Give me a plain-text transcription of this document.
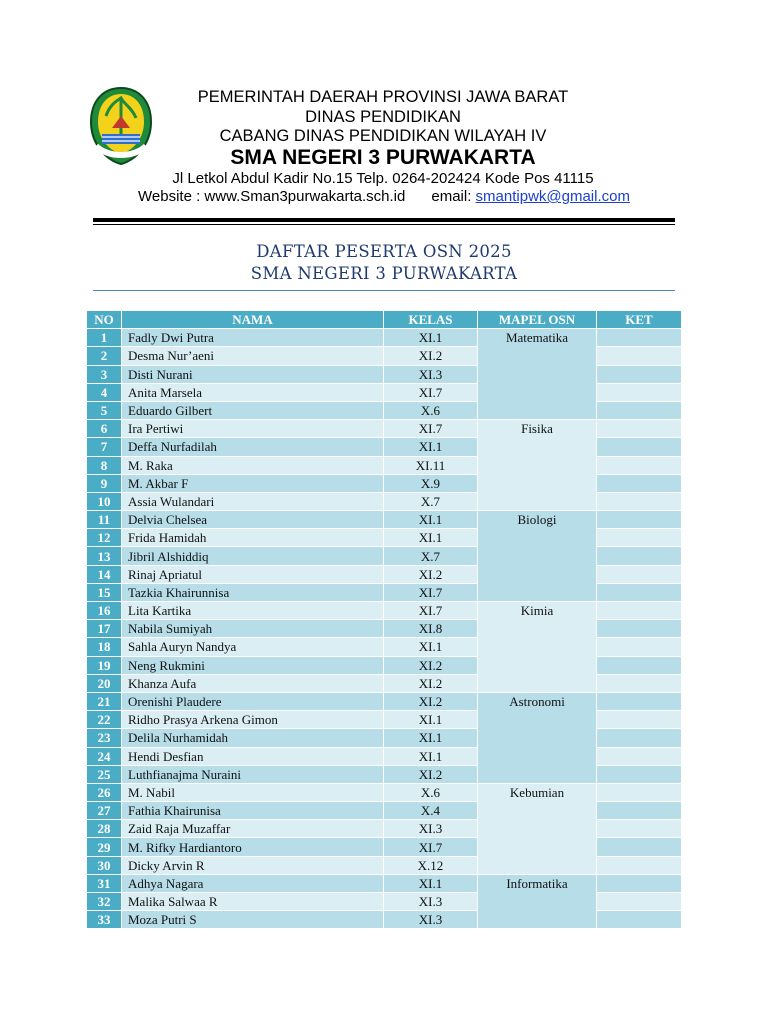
PEMERINTAH DAERAH PROVINSI JAWA BARAT
DINAS PENDIDIKAN
CABANG DINAS PENDIDIKAN WILAYAH IV
SMA NEGERI 3 PURWAKARTA
Jl Letkol Abdul Kadir No.15 Telp. 0264-202424 Kode Pos 41115
Website : www.Sman3purwakarta.sch.id email: smantipwk@gmail.com
DAFTAR PESERTA OSN 2025
SMA NEGERI 3 PURWAKARTA
NO	NAMA	KELAS	MAPEL OSN	KET
1	Fadly Dwi Putra	XI.1	Matematika	
2	Desma Nur’aeni	XI.2		
3	Disti Nurani	XI.3		
4	Anita Marsela	XI.7		
5	Eduardo Gilbert	X.6		
6	Ira Pertiwi	XI.7	Fisika	
7	Deffa Nurfadilah	XI.1		
8	M. Raka	XI.11		
9	M. Akbar F	X.9		
10	Assia Wulandari	X.7		
11	Delvia Chelsea	XI.1	Biologi	
12	Frida Hamidah	XI.1		
13	Jibril Alshiddiq	X.7		
14	Rinaj Apriatul	XI.2		
15	Tazkia Khairunnisa	XI.7		
16	Lita Kartika	XI.7	Kimia	
17	Nabila Sumiyah	XI.8		
18	Sahla Auryn Nandya	XI.1		
19	Neng Rukmini	XI.2		
20	Khanza Aufa	XI.2		
21	Orenishi Plaudere	XI.2	Astronomi	
22	Ridho Prasya Arkena Gimon	XI.1		
23	Delila Nurhamidah	XI.1		
24	Hendi Desfian	XI.1		
25	Luthfianajma Nuraini	XI.2		
26	M. Nabil	X.6	Kebumian	
27	Fathia Khairunisa	X.4		
28	Zaid Raja Muzaffar	XI.3		
29	M. Rifky Hardiantoro	XI.7		
30	Dicky Arvin R	X.12		
31	Adhya Nagara	XI.1	Informatika	
32	Malika Salwaa R	XI.3		
33	Moza Putri S	XI.3		
